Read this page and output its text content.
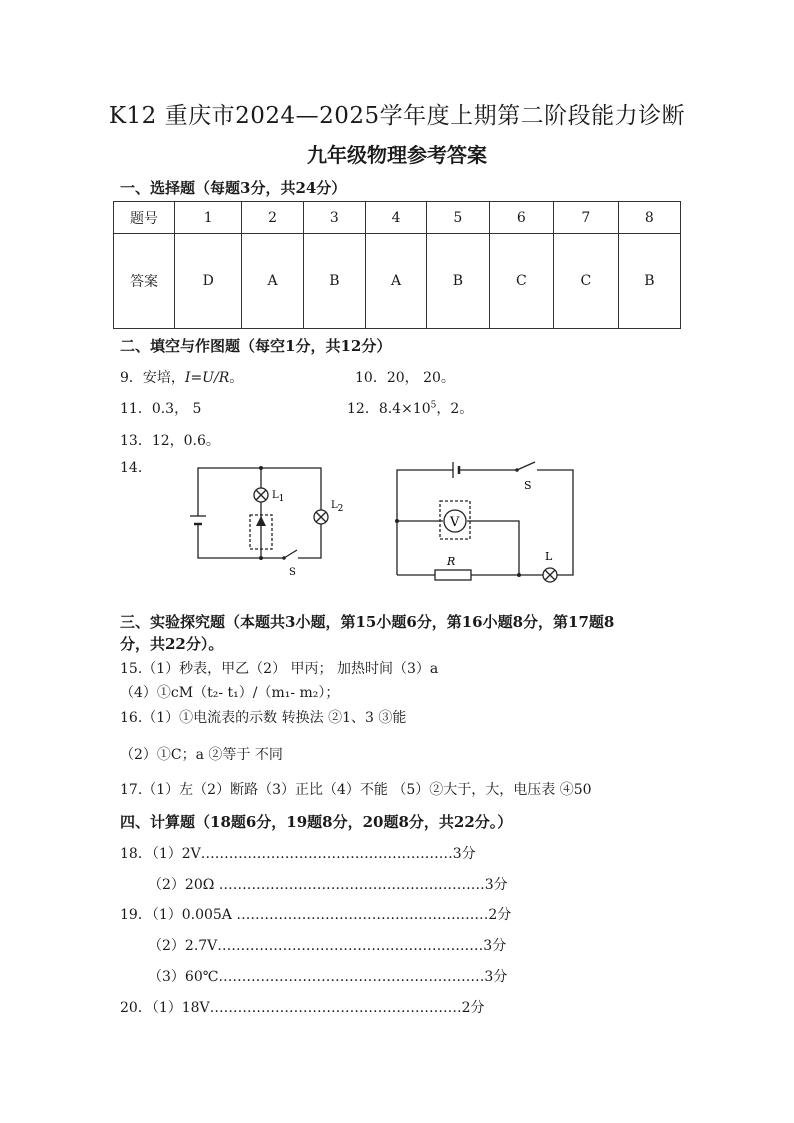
K12 重庆市2024—2025学年度上期第二阶段能力诊断
九年级物理参考答案
一、选择题（每题3分，共24分）
题号	1	2	3	4	5	6	7	8
答案	D	A	B	A	B	C	C	B
二、填空与作图题（每空1分，共12分）
9．安培，I=U/R。	10．20， 20。
11．0.3， 5	12．$8.4\times 10^5$，2。
13．12，0.6。
14.
L1
L2
S
V
S
R	L
三、实验探究题（本题共3小题，第15小题6分，第16小题8分，第17题8
分，共22分）。
15.（1）秒表，甲乙（2） 甲丙； 加热时间（3）a
（4）①cM（t₂- t₁）/（m₁- m₂）；
16.（1）①电流表的示数 转换法 ②1、3 ③能
（2）①C；a ②等于 不同
17.（1）左（2）断路（3）正比（4）不能 （5）②大于，大，电压表 ④50
四、计算题（18题6分，19题8分，20题8分，共22分。）
18．（1）2V………………………………………………3分
（2）20Ω …………………………………………………3分
19．（1）0.005A ………………………………………………2分
（2）2.7V…………………………………………………3分
（3）60℃…………………………………………………3分
20．（1）18V………………………………………………2分
